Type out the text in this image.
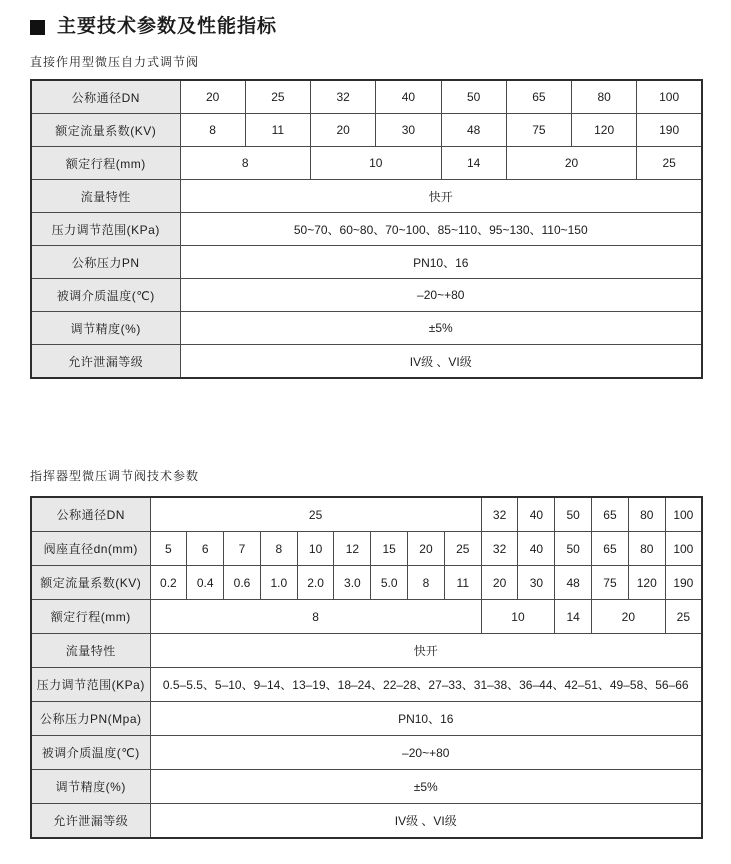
主要技术参数及性能指标
直接作用型微压自力式调节阀
公称通径DN	20	25	32	40	50	65	80	100
额定流量系数(KV)	8	11	20	30	48	75	120	190
额定行程(mm)	8		10		14	20		25
流量特性	快开							
压力调节范围(KPa)	50~70、60~80、70~100、85~110、95~130、110~150							
公称压力PN	PN10、16							
被调介质温度(℃)	–20~+80							
调节精度(%)	±5%							
允许泄漏等级	IV级 、VI级							
指挥器型微压调节阀技术参数
公称通径DN	25									32	40	50	65	80	100
阀座直径dn(mm)	5	6	7	8	10	12	15	20	25	32	40	50	65	80	100
额定流量系数(KV)	0.2	0.4	0.6	1.0	2.0	3.0	5.0	8	11	20	30	48	75	120	190
额定行程(mm)	8									10		14	20		25
流量特性	快开														
压力调节范围(KPa)	0.5–5.5、5–10、9–14、13–19、18–24、22–28、27–33、31–38、36–44、42–51、49–58、56–66														
公称压力PN(Mpa)	PN10、16														
被调介质温度(℃)	–20~+80														
调节精度(%)	±5%														
允许泄漏等级	IV级 、VI级														
